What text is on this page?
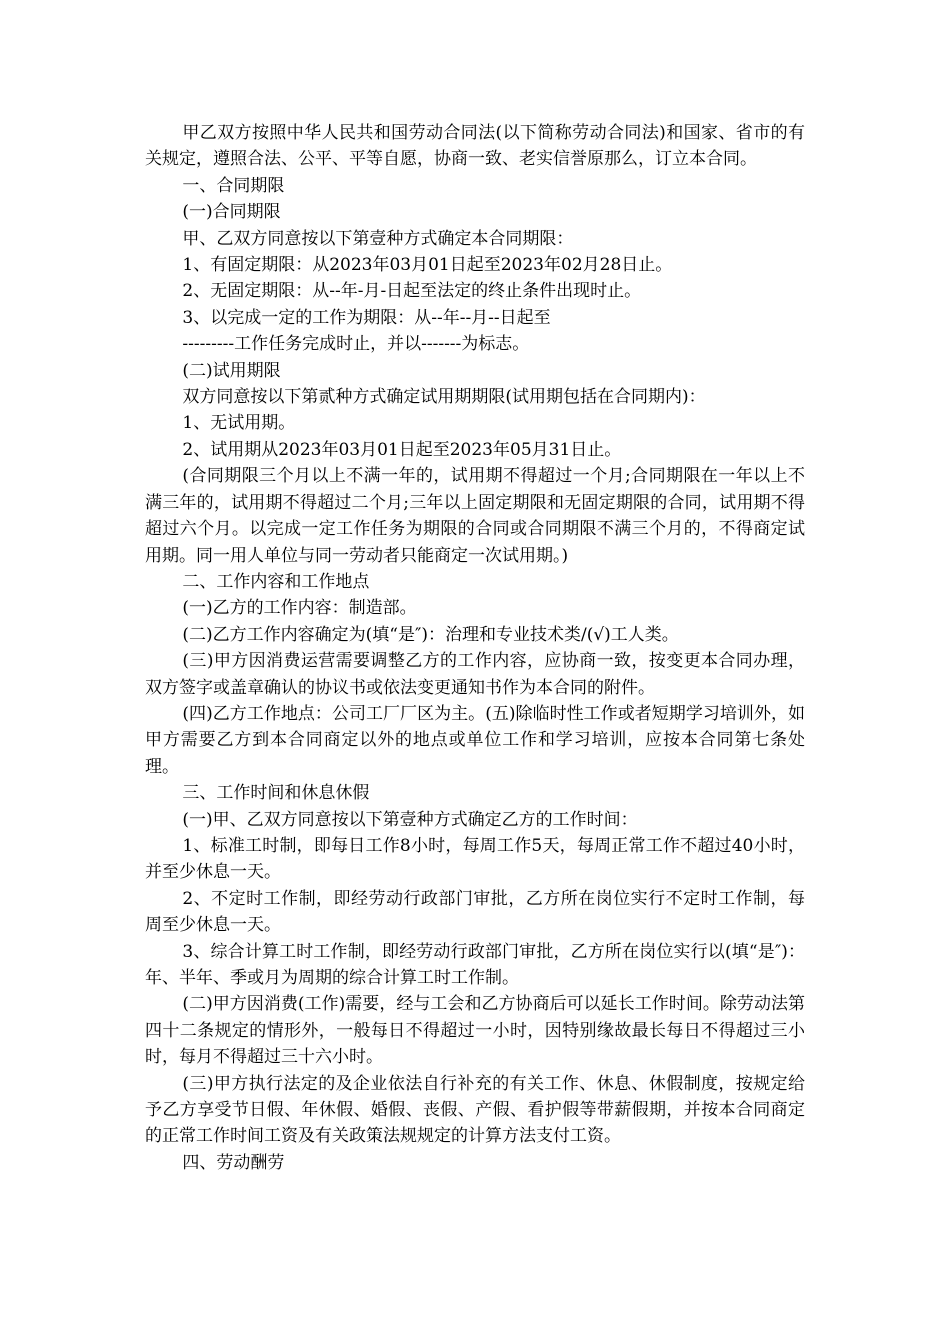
甲乙双方按照中华人民共和国劳动合同法(以下简称劳动合同法)和国家、省市的有关规定，遵照合法、公平、平等自愿，协商一致、老实信誉原那么，订立本合同。

一、合同期限

(一)合同期限

甲、乙双方同意按以下第壹种方式确定本合同期限：

1、有固定期限：从2023年03月01日起至2023年02月28日止。

2、无固定期限：从--年-月-日起至法定的终止条件出现时止。

3、以完成一定的工作为期限：从--年--月--日起至

---------工作任务完成时止，并以-------为标志。

(二)试用期限

双方同意按以下第贰种方式确定试用期期限(试用期包括在合同期内)：

1、无试用期。

2、试用期从2023年03月01日起至2023年05月31日止。

(合同期限三个月以上不满一年的，试用期不得超过一个月;合同期限在一年以上不满三年的，试用期不得超过二个月;三年以上固定期限和无固定期限的合同，试用期不得超过六个月。以完成一定工作任务为期限的合同或合同期限不满三个月的，不得商定试用期。同一用人单位与同一劳动者只能商定一次试用期。)

二、工作内容和工作地点

(一)乙方的工作内容：制造部。

(二)乙方工作内容确定为(填“是″)：治理和专业技术类/(√)工人类。

(三)甲方因消费运营需要调整乙方的工作内容，应协商一致，按变更本合同办理，双方签字或盖章确认的协议书或依法变更通知书作为本合同的附件。

(四)乙方工作地点：公司工厂厂区为主。(五)除临时性工作或者短期学习培训外，如甲方需要乙方到本合同商定以外的地点或单位工作和学习培训，应按本合同第七条处理。

三、工作时间和休息休假

(一)甲、乙双方同意按以下第壹种方式确定乙方的工作时间：

1、标准工时制，即每日工作8小时，每周工作5天，每周正常工作不超过40小时，并至少休息一天。

2、不定时工作制，即经劳动行政部门审批，乙方所在岗位实行不定时工作制，每周至少休息一天。

3、综合计算工时工作制，即经劳动行政部门审批，乙方所在岗位实行以(填“是″)：年、半年、季或月为周期的综合计算工时工作制。

(二)甲方因消费(工作)需要，经与工会和乙方协商后可以延长工作时间。除劳动法第四十二条规定的情形外，一般每日不得超过一小时，因特别缘故最长每日不得超过三小时，每月不得超过三十六小时。

(三)甲方执行法定的及企业依法自行补充的有关工作、休息、休假制度，按规定给予乙方享受节日假、年休假、婚假、丧假、产假、看护假等带薪假期，并按本合同商定的正常工作时间工资及有关政策法规规定的计算方法支付工资。

四、劳动酬劳
